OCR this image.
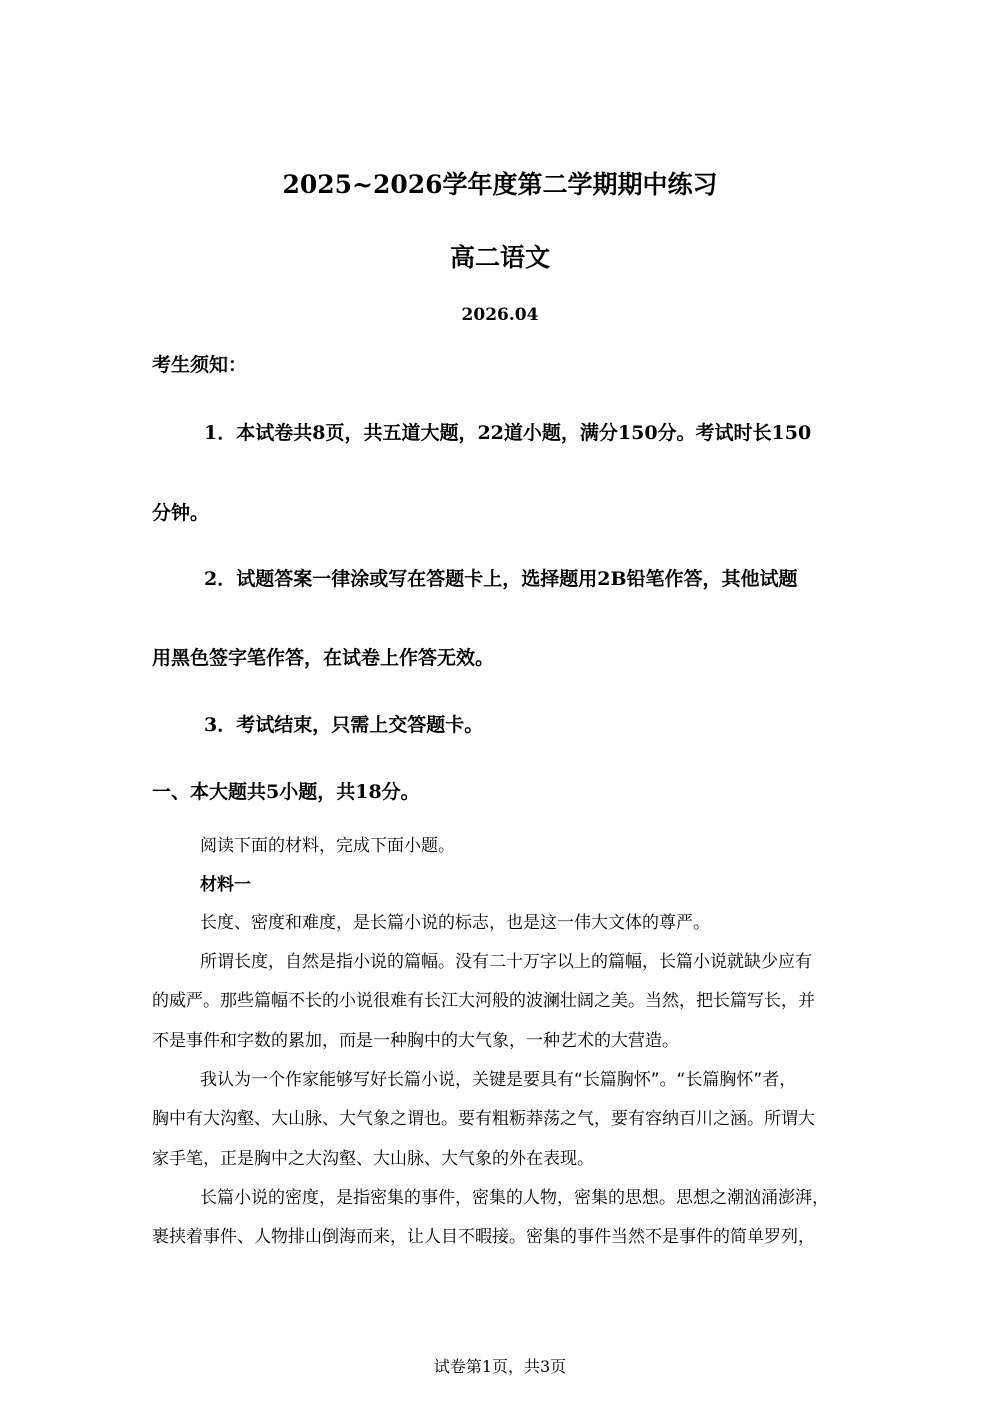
2025~2026学年度第二学期期中练习
高二语文
2026.04
考生须知：
1．本试卷共8页，共五道大题，22道小题，满分150分。考试时长150
分钟。
2．试题答案一律涂或写在答题卡上，选择题用2B铅笔作答，其他试题
用黑色签字笔作答，在试卷上作答无效。
3．考试结束，只需上交答题卡。
一、本大题共5小题，共18分。
阅读下面的材料，完成下面小题。
材料一
长度、密度和难度，是长篇小说的标志，也是这一伟大文体的尊严。
所谓长度，自然是指小说的篇幅。没有二十万字以上的篇幅，长篇小说就缺少应有
的威严。那些篇幅不长的小说很难有长江大河般的波澜壮阔之美。当然，把长篇写长，并
不是事件和字数的累加，而是一种胸中的大气象，一种艺术的大营造。
我认为一个作家能够写好长篇小说，关键是要具有“长篇胸怀”。“长篇胸怀”者，
胸中有大沟壑、大山脉、大气象之谓也。要有粗粝莽荡之气，要有容纳百川之涵。所谓大
家手笔，正是胸中之大沟壑、大山脉、大气象的外在表现。
长篇小说的密度，是指密集的事件，密集的人物，密集的思想。思想之潮汹涌澎湃，
裹挟着事件、人物排山倒海而来，让人目不暇接。密集的事件当然不是事件的简单罗列，
试卷第1页，共3页
